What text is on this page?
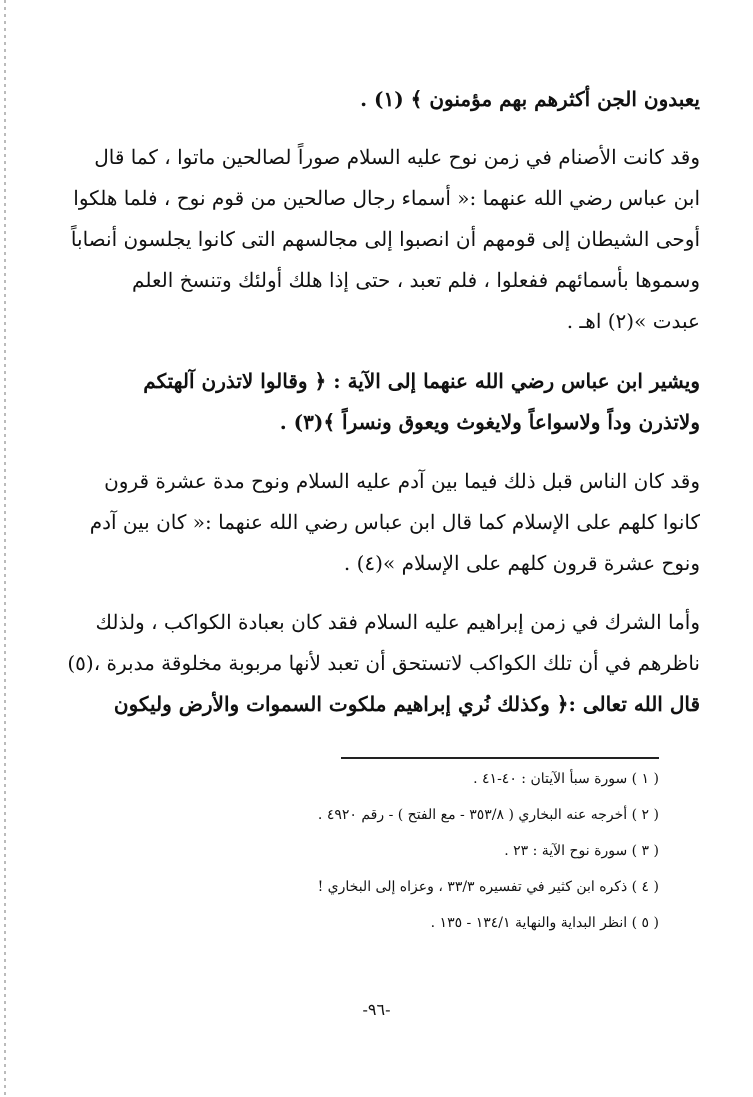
يعبدون الجن أكثرهم بهم مؤمنون ﴾ (١) .
وقد كانت الأصنام في زمن نوح عليه السلام صوراً لصالحين ماتوا ، كما قال
ابن عباس رضي الله عنهما :« أسماء رجال صالحين من قوم نوح ، فلما هلكوا
أوحى الشيطان إلى قومهم أن انصبوا إلى مجالسهم التى كانوا يجلسون أنصاباً
وسموها بأسمائهم ففعلوا ، فلم تعبد ، حتى إذا هلك أولئك وتنسخ العلم
عبدت »(٢) اهـ .
ويشير ابن عباس رضي الله عنهما إلى الآية : ﴿ وقالوا لاتذرن آلهتكم
ولاتذرن وداً ولاسواعاً ولايغوث ويعوق ونسراً ﴾(٣) .
وقد كان الناس قبل ذلك فيما بين آدم عليه السلام ونوح مدة عشرة قرون
كانوا كلهم على الإسلام كما قال ابن عباس رضي الله عنهما :« كان بين آدم
ونوح عشرة قرون كلهم على الإسلام »(٤) .
وأما الشرك في زمن إبراهيم عليه السلام فقد كان بعبادة الكواكب ، ولذلك
ناظرهم في أن تلك الكواكب لاتستحق أن تعبد لأنها مربوبة مخلوقة مدبرة ،(٥)
قال الله تعالى :﴿ وكذلك نُري إبراهيم ملكوت السموات والأرض وليكون
( ١ ) سورة سبأ الآيتان : ٤٠-٤١ .
( ٢ ) أخرجه عنه البخاري ( ٣٥٣/٨ - مع الفتح ) - رقم ٤٩٢٠ .
( ٣ ) سورة نوح الآية : ٢٣ .
( ٤ ) ذكره ابن كثير في تفسيره ٣٣/٣ ، وعزاه إلى البخاري !
( ٥ ) انظر البداية والنهاية ١٣٤/١ - ١٣٥ .
-٩٦-
